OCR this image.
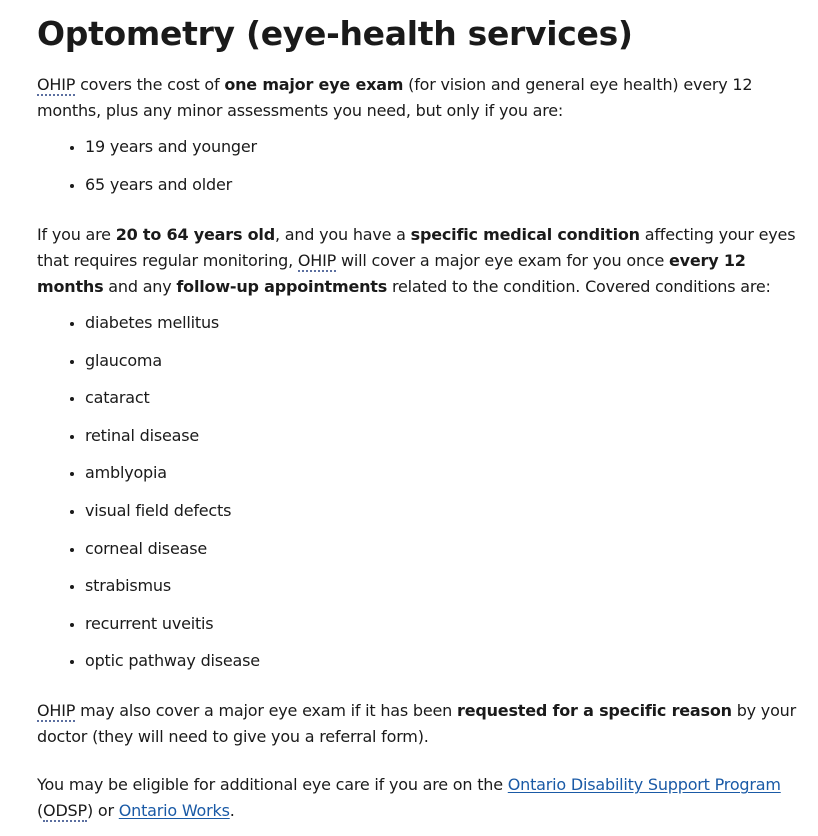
Optometry (eye-health services)

OHIP covers the cost of one major eye exam (for vision and general eye health) every 12 months, plus any minor assessments you need, but only if you are:

• 19 years and younger
• 65 years and older

If you are 20 to 64 years old, and you have a specific medical condition affecting your eyes that requires regular monitoring, OHIP will cover a major eye exam for you once every 12 months and any follow-up appointments related to the condition. Covered conditions are:

• diabetes mellitus
• glaucoma
• cataract
• retinal disease
• amblyopia
• visual field defects
• corneal disease
• strabismus
• recurrent uveitis
• optic pathway disease

OHIP may also cover a major eye exam if it has been requested for a specific reason by your doctor (they will need to give you a referral form).

You may be eligible for additional eye care if you are on the Ontario Disability Support Program (ODSP) or Ontario Works.
